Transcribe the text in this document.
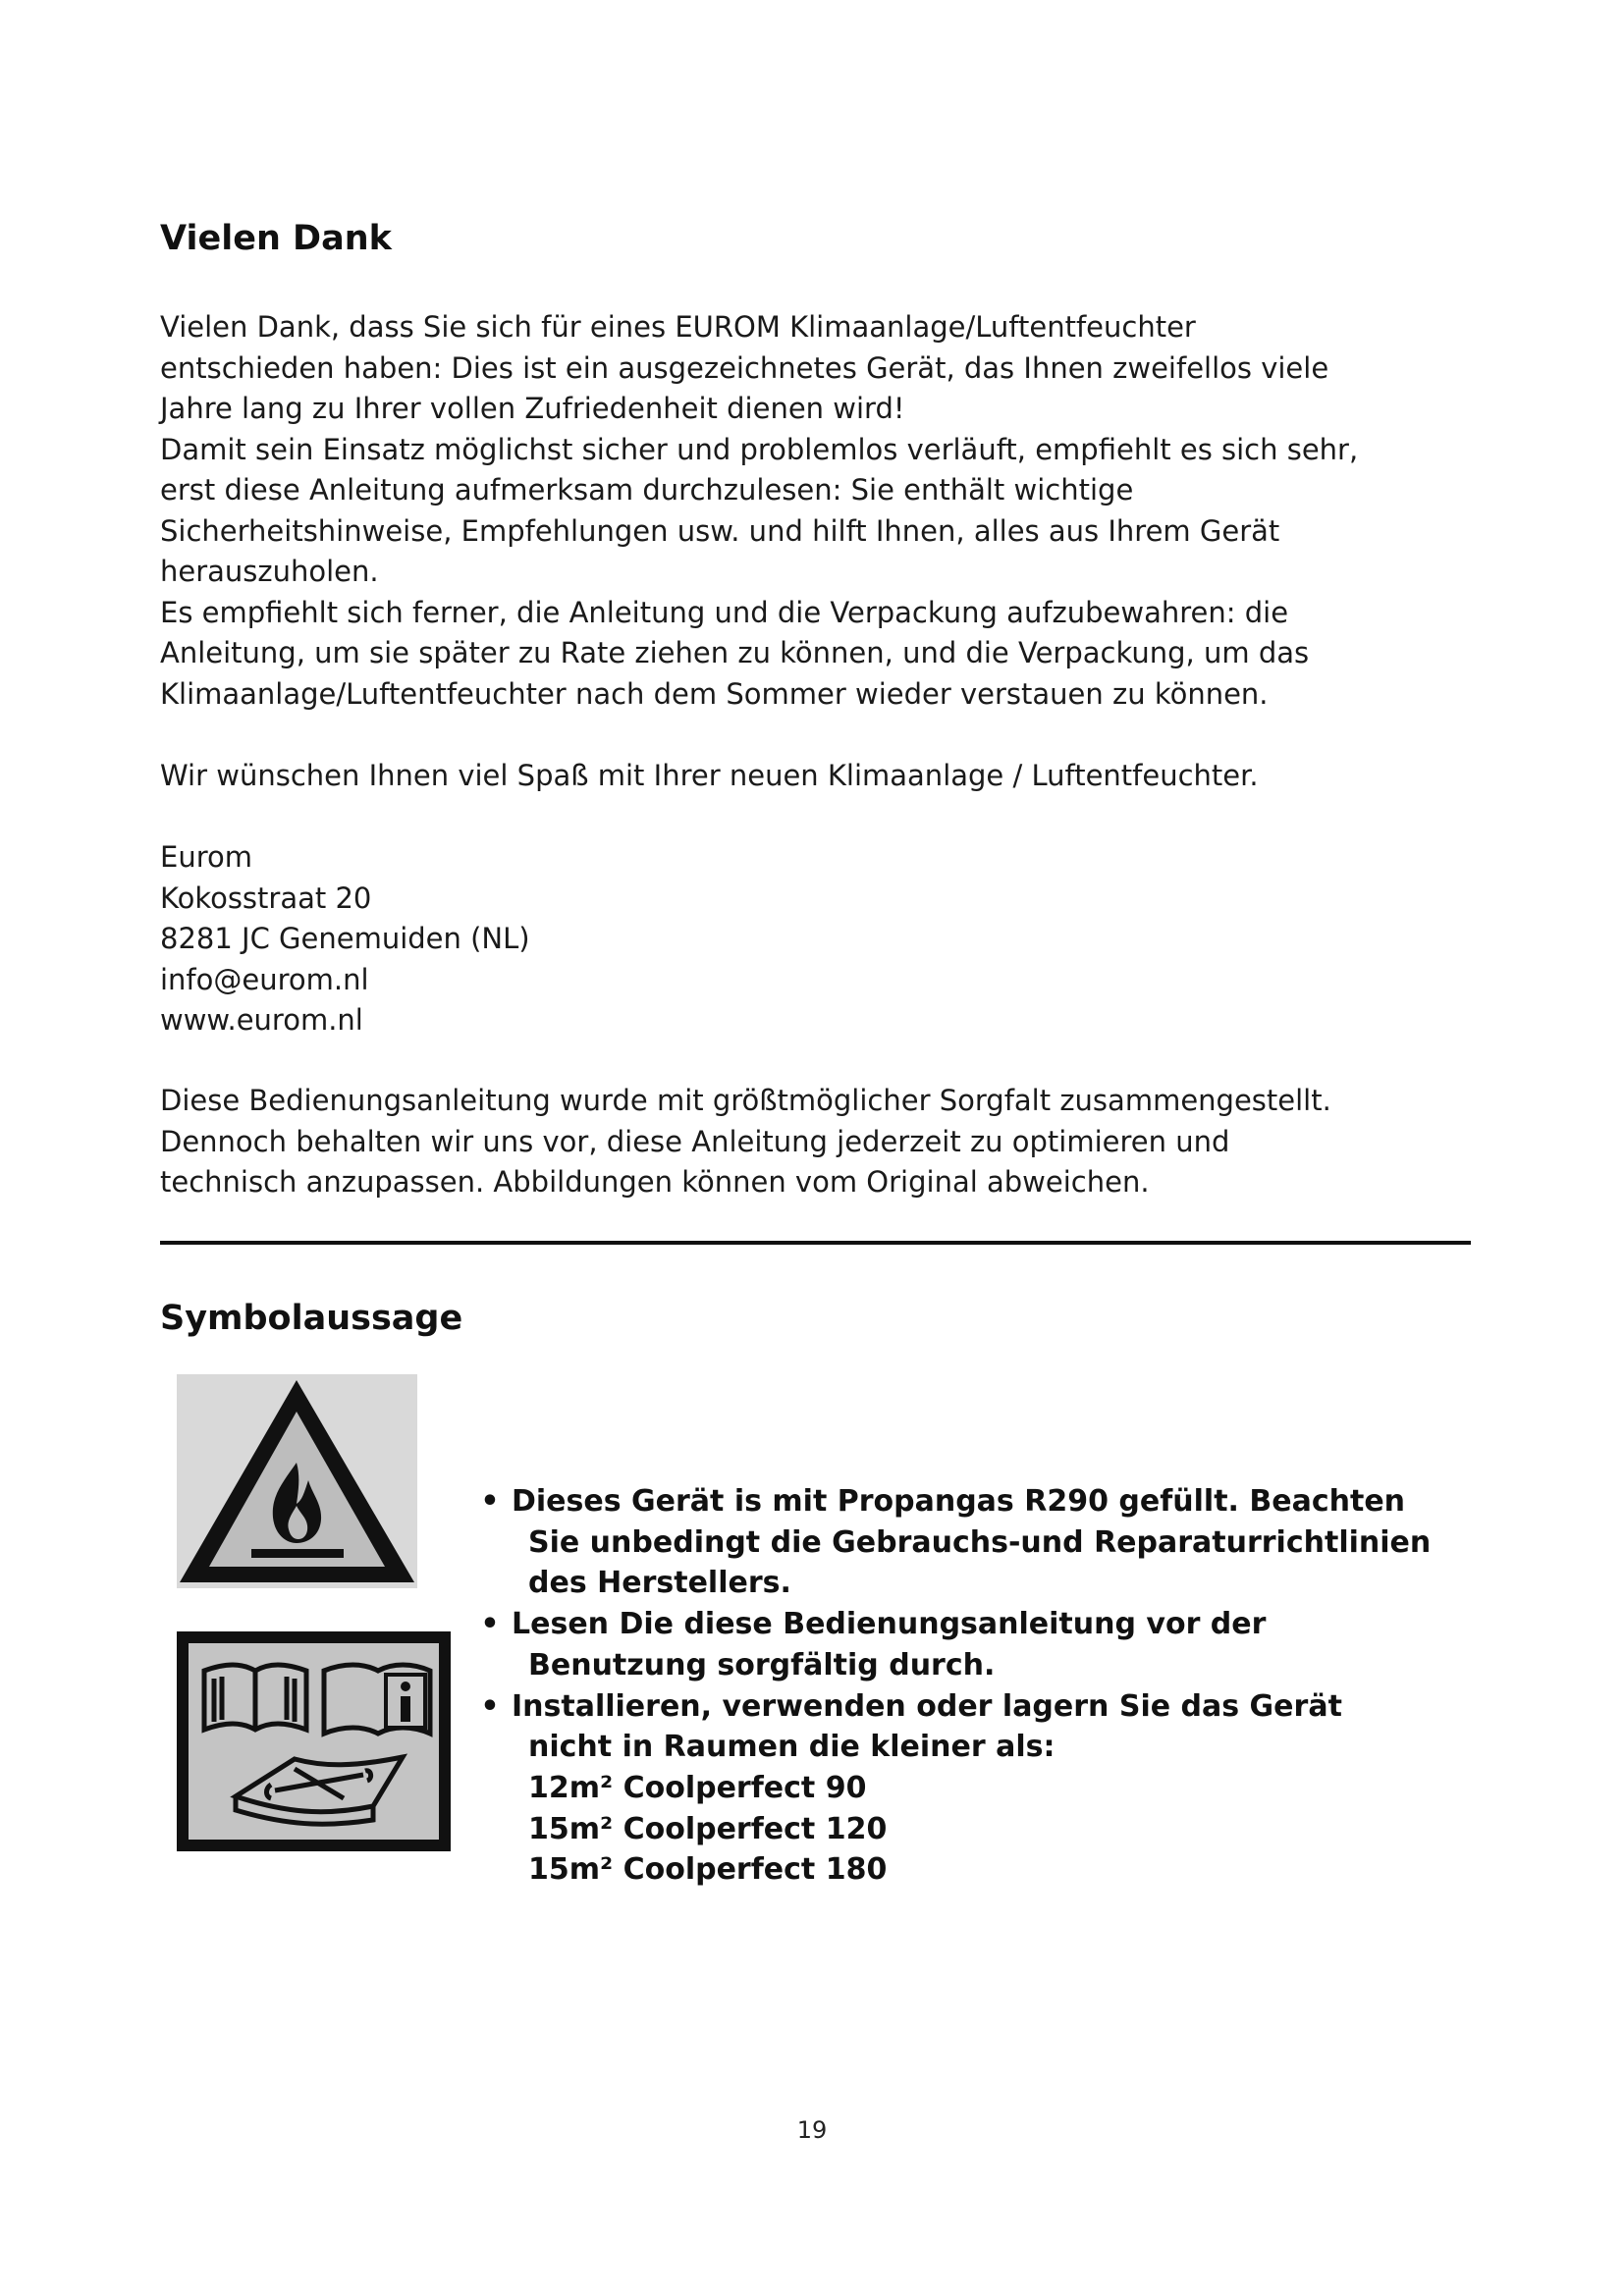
Vielen Dank

Vielen Dank, dass Sie sich für eines EUROM Klimaanlage/Luftentfeuchter

entschieden haben: Dies ist ein ausgezeichnetes Gerät, das Ihnen zweifellos viele

Jahre lang zu Ihrer vollen Zufriedenheit dienen wird!

Damit sein Einsatz möglichst sicher und problemlos verläuft, empfiehlt es sich sehr,

erst diese Anleitung aufmerksam durchzulesen: Sie enthält wichtige

Sicherheitshinweise, Empfehlungen usw. und hilft Ihnen, alles aus Ihrem Gerät

herauszuholen.

Es empfiehlt sich ferner, die Anleitung und die Verpackung aufzubewahren: die

Anleitung, um sie später zu Rate ziehen zu können, und die Verpackung, um das

Klimaanlage/Luftentfeuchter nach dem Sommer wieder verstauen zu können.

Wir wünschen Ihnen viel Spaß mit Ihrer neuen Klimaanlage / Luftentfeuchter.

Eurom

Kokosstraat 20

8281 JC Genemuiden (NL)

info@eurom.nl

www.eurom.nl

Diese Bedienungsanleitung wurde mit größtmöglicher Sorgfalt zusammengestellt.

Dennoch behalten wir uns vor, diese Anleitung jederzeit zu optimieren und

technisch anzupassen. Abbildungen können vom Original abweichen.

Symbolaussage
• Dieses Gerät is mit Propangas R290 gefüllt. Beachten
Sie unbedingt die Gebrauchs-und Reparaturrichtlinien
des Herstellers.
• Lesen Die diese Bedienungsanleitung vor der
Benutzung sorgfältig durch.
• Installieren, verwenden oder lagern Sie das Gerät
nicht in Raumen die kleiner als:
12m² Coolperfect 90
15m² Coolperfect 120
15m² Coolperfect 180
19
